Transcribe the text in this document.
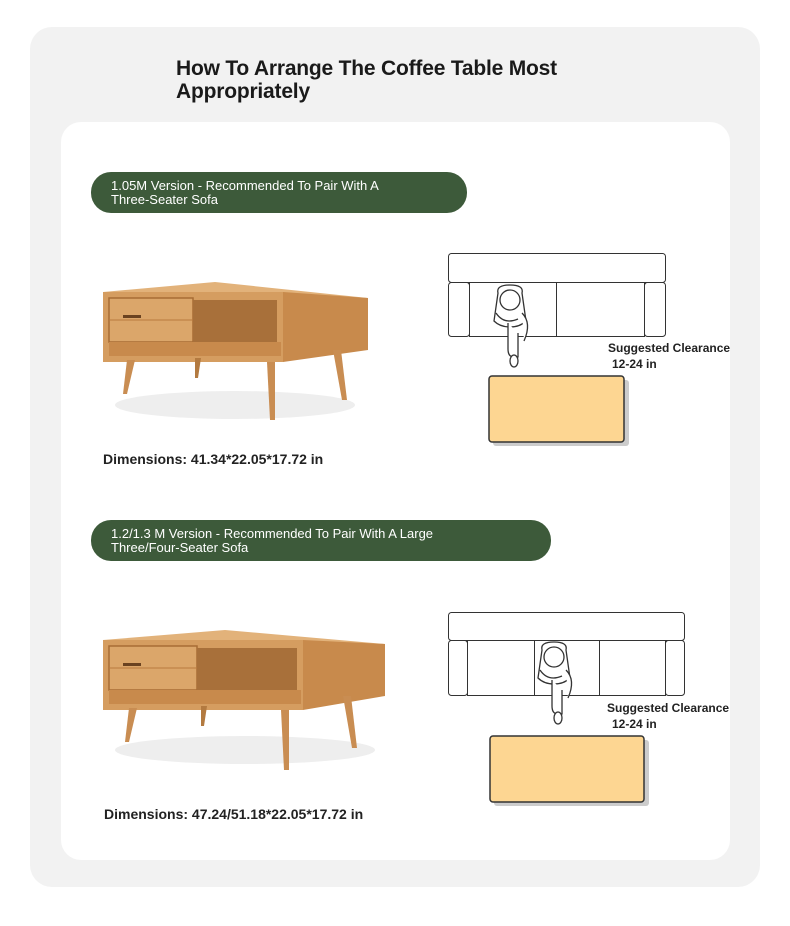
How To Arrange The Coffee Table Most Appropriately
1.05M Version - Recommended To Pair With A
Three-Seater Sofa
Dimensions: 41.34*22.05*17.72 in
Suggested Clearance
12-24 in
1.2/1.3 M Version - Recommended To Pair With A Large
Three/Four-Seater Sofa
Dimensions: 47.24/51.18*22.05*17.72 in
Suggested Clearance
12-24 in
